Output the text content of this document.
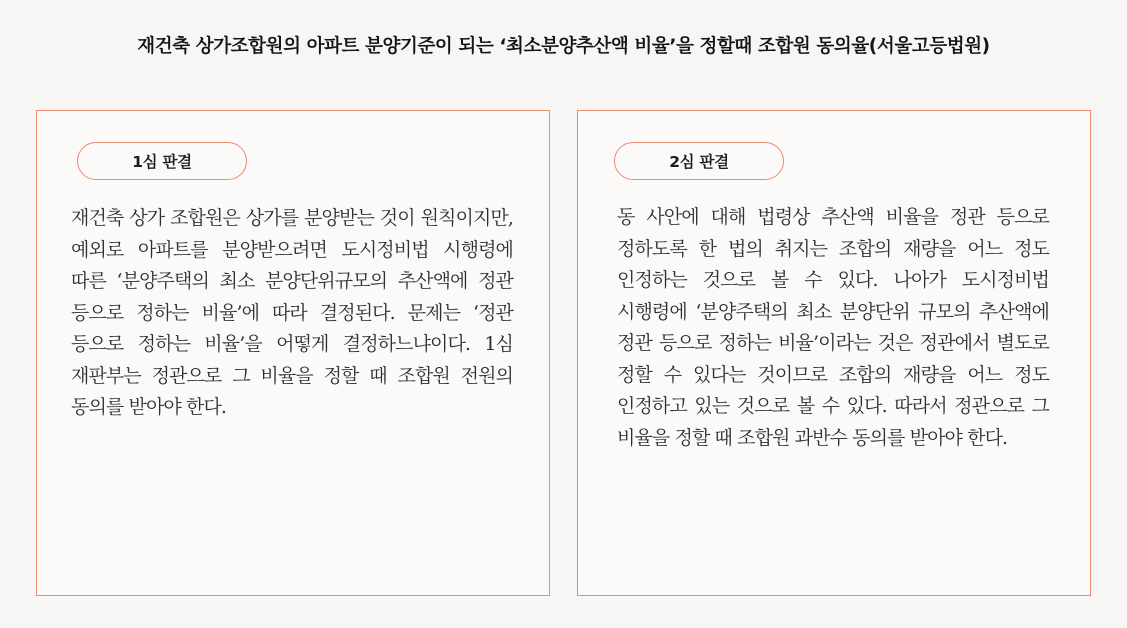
재건축 상가조합원의 아파트 분양기준이 되는 ‘최소분양추산액 비율’을 정할때 조합원 동의율(서울고등법원)
1심 판결

재건축 상가 조합원은 상가를 분양받는 것이 원칙이지만, 예외로 아파트를 분양받으려면 도시정비법 시행령에 따른 ‘분양주택의 최소 분양단위규모의 추산액에 정관 등으로 정하는 비율’에 따라 결정된다. 문제는 ‘정관 등으로 정하는 비율’을 어떻게 결정하느냐이다. 1심 재판부는 정관으로 그 비율을 정할 때 조합원 전원의 동의를 받아야 한다.

2심 판결

동 사안에 대해 법령상 추산액 비율을 정관 등으로 정하도록 한 법의 취지는 조합의 재량을 어느 정도 인정하는 것으로 볼 수 있다. 나아가 도시정비법 시행령에 ‘분양주택의 최소 분양단위 규모의 추산액에 정관 등으로 정하는 비율’이라는 것은 정관에서 별도로 정할 수 있다는 것이므로 조합의 재량을 어느 정도 인정하고 있는 것으로 볼 수 있다. 따라서 정관으로 그 비율을 정할 때 조합원 과반수 동의를 받아야 한다.
